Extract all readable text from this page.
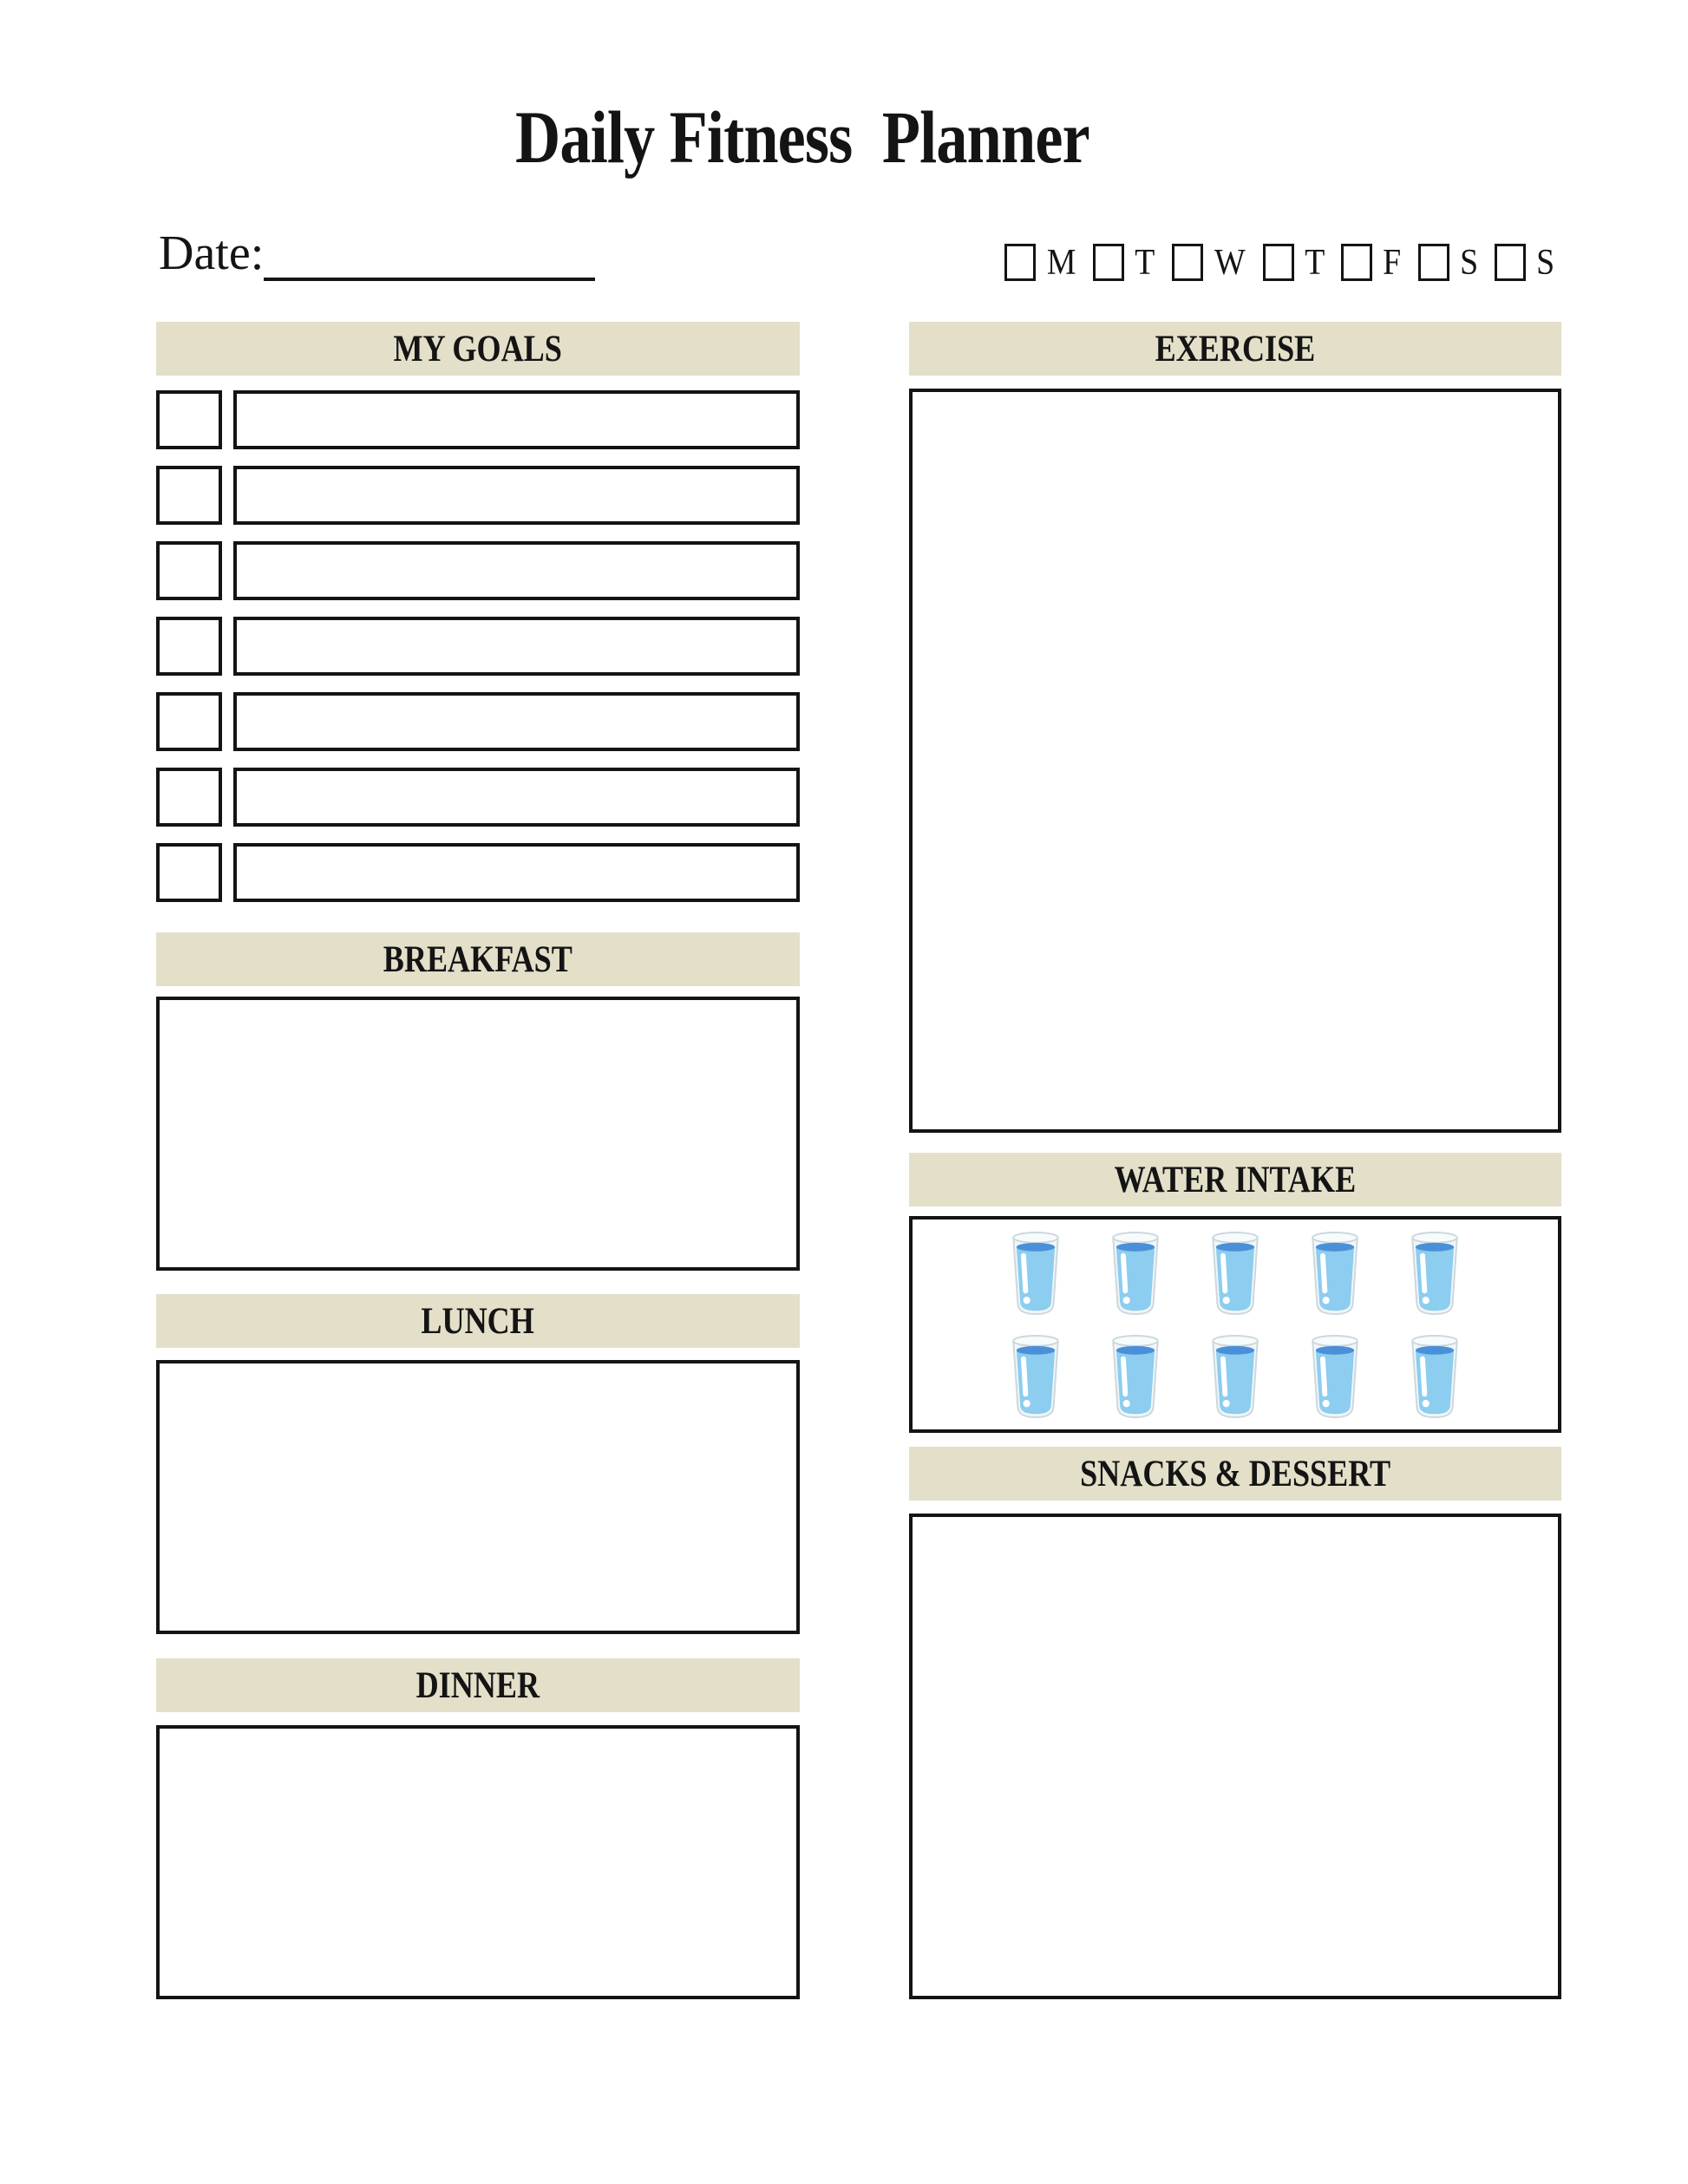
Daily Fitness  Planner
Date:	M T W T F S S
MY GOALS
BREAKFAST
LUNCH
DINNER
EXERCISE
WATER INTAKE
SNACKS & DESSERT
